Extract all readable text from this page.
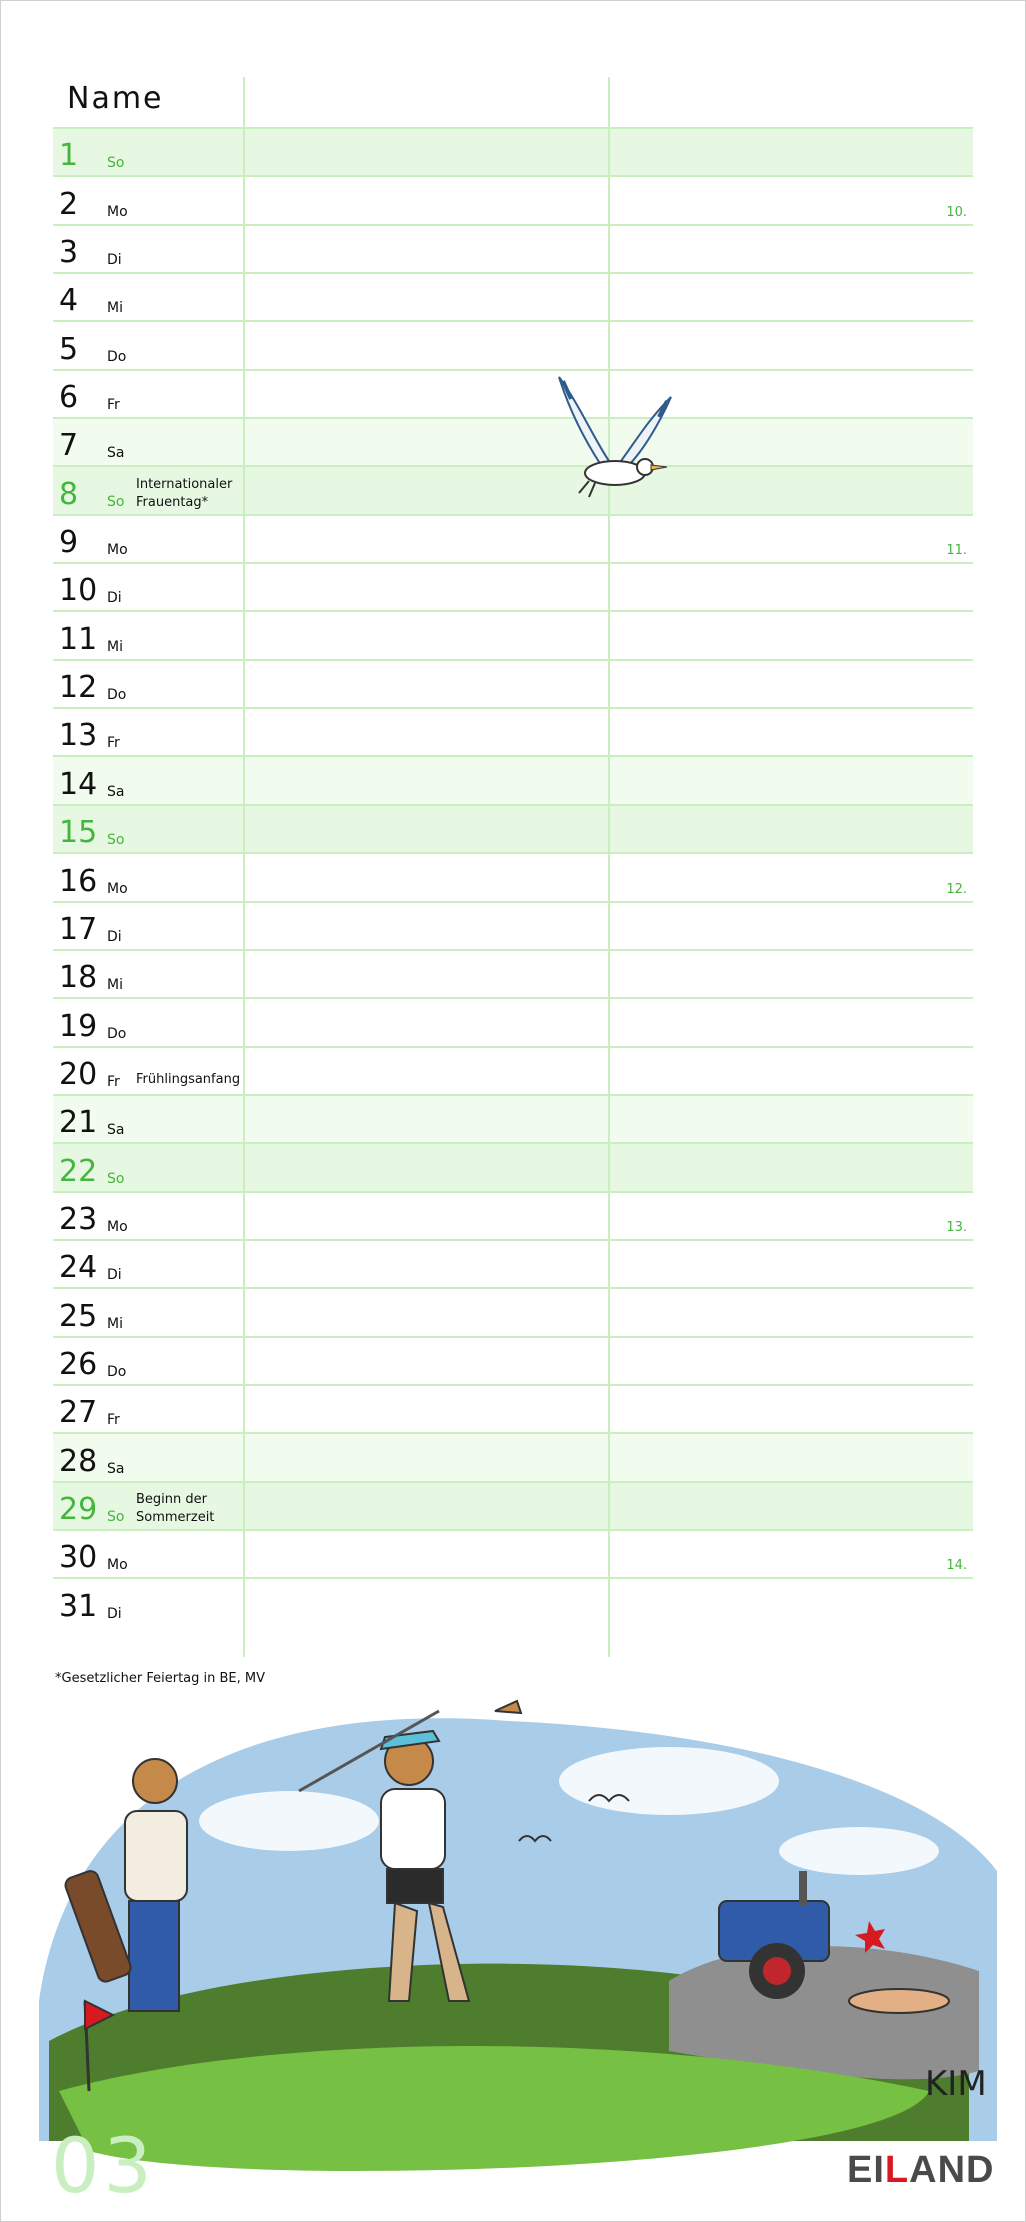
Name
1 So
2 Mo	10.
3 Di
4 Mi
5 Do
6 Fr
7 Sa
8 So
Internationaler
Frauentag*
9 Mo	11.
10 Di
11 Mi
12 Do
13 Fr
14 Sa
15 So
16 Mo	12.
17 Di
18 Mi
19 Do
20 Fr Frühlingsanfang
21 Sa
22 So
23 Mo	13.
24 Di
25 Mi
26 Do
27 Fr
28 Sa
29 So
Beginn der
Sommerzeit
30 Mo	14.
31 Di
*Gesetzlicher Feiertag in BE, MV
KIM
03	EILAND
